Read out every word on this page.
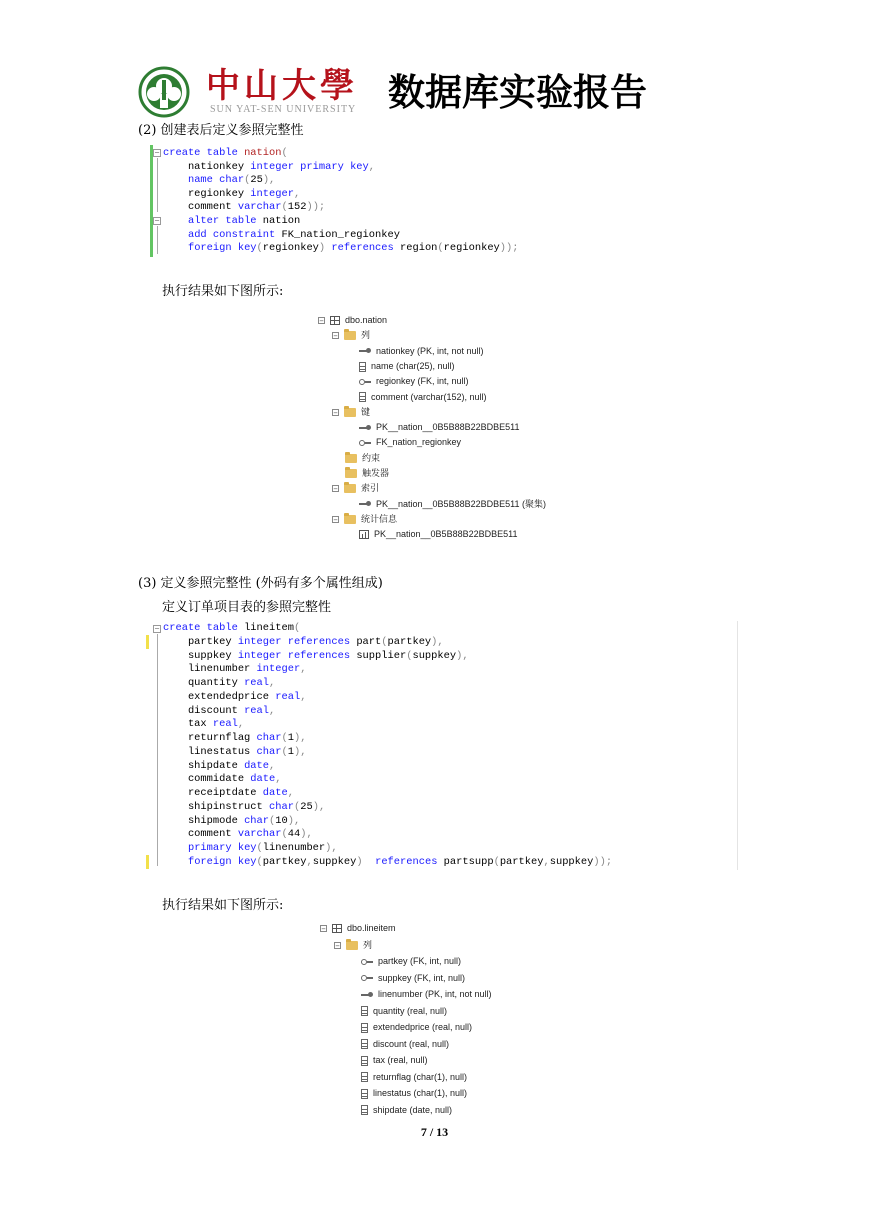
中山大學
SUN YAT-SEN UNIVERSITY 数据库实验报告
(2) 创建表后定义参照完整性
−
−
create table nation(
nationkey integer primary key,
name char(25),
regionkey integer,
comment varchar(152));
alter table nation
add constraint FK_nation_regionkey
foreign key(regionkey) references region(regionkey));
执行结果如下图所示:
− dbo.nation
−	列
nationkey (PK, int, not null)
name (char(25), null)
regionkey (FK, int, null)
comment (varchar(152), null)
−	键
PK__nation__0B5B88B22BDBE511
FK_nation_regionkey
约束
触发器
−	索引
PK__nation__0B5B88B22BDBE511 (聚集)
−	统计信息
PK__nation__0B5B88B22BDBE511
(3) 定义参照完整性 (外码有多个属性组成)
定义订单项目表的参照完整性
− create table lineitem(
partkey integer references part(partkey),
suppkey integer references supplier(suppkey),
linenumber integer,
quantity real,
extendedprice real,
discount real,
tax real,
returnflag char(1),
linestatus char(1),
shipdate date,
commidate date,
receiptdate date,
shipinstruct char(25),
shipmode char(10),
comment varchar(44),
primary key(linenumber),
foreign key(partkey,suppkey)  references partsupp(partkey,suppkey));
执行结果如下图所示:
− dbo.lineitem
−	列
partkey (FK, int, null)
suppkey (FK, int, null)
linenumber (PK, int, not null)
quantity (real, null)
extendedprice (real, null)
discount (real, null)
tax (real, null)
returnflag (char(1), null)
linestatus (char(1), null)
shipdate (date, null)
7 / 13
